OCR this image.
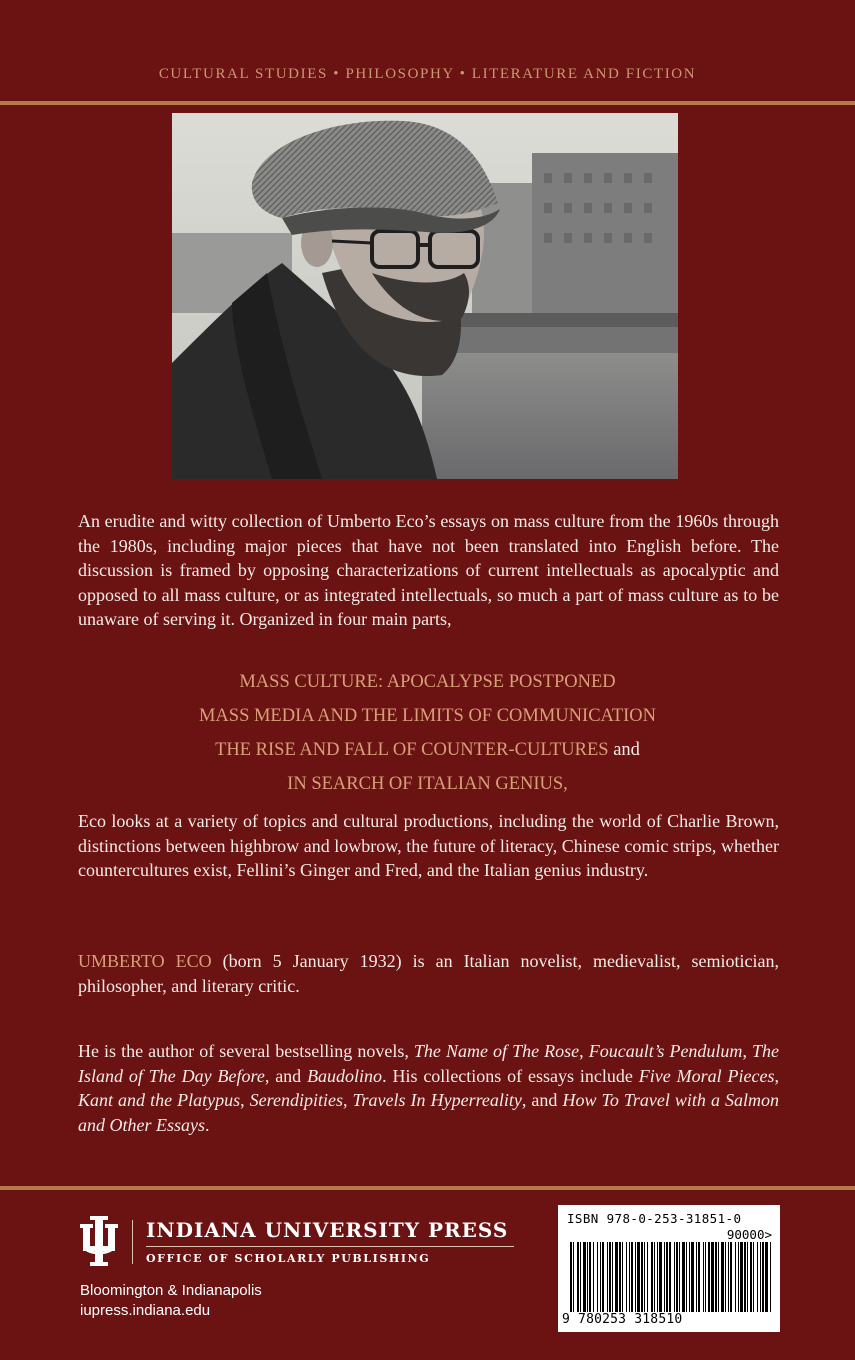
CULTURAL STUDIES • PHILOSOPHY • LITERATURE AND FICTION
An erudite and witty collection of Umberto Eco’s essays on mass culture from the 1960s through the 1980s, including major pieces that have not been translated into English before. The discussion is framed by opposing characterizations of current intellectuals as apocalyptic and opposed to all mass culture, or as integrated intellectuals, so much a part of mass culture as to be unaware of serving it. Organized in four main parts,
MASS CULTURE: APOCALYPSE POSTPONED
MASS MEDIA AND THE LIMITS OF COMMUNICATION
THE RISE AND FALL OF COUNTER-CULTURES and
IN SEARCH OF ITALIAN GENIUS,
Eco looks at a variety of topics and cultural productions, including the world of Charlie Brown, distinctions between highbrow and lowbrow, the future of literacy, Chinese comic strips, whether countercultures exist, Fellini’s Ginger and Fred, and the Italian genius industry.
UMBERTO ECO (born 5 January 1932) is an Italian novelist, medievalist, semiotician, philosopher, and literary critic.
He is the author of several bestselling novels, The Name of The Rose, Foucault’s Pendulum, The Island of The Day Before, and Baudolino. His collections of essays include Five Moral Pieces, Kant and the Platypus, Serendipities, Travels In Hyperreality, and How To Travel with a Salmon and Other Essays.
INDIANA UNIVERSITY PRESS
OFFICE OF SCHOLARLY PUBLISHING
Bloomington & Indianapolis
iupress.indiana.edu
ISBN 978-0-253-31851-0
90000>
9 780253 318510
